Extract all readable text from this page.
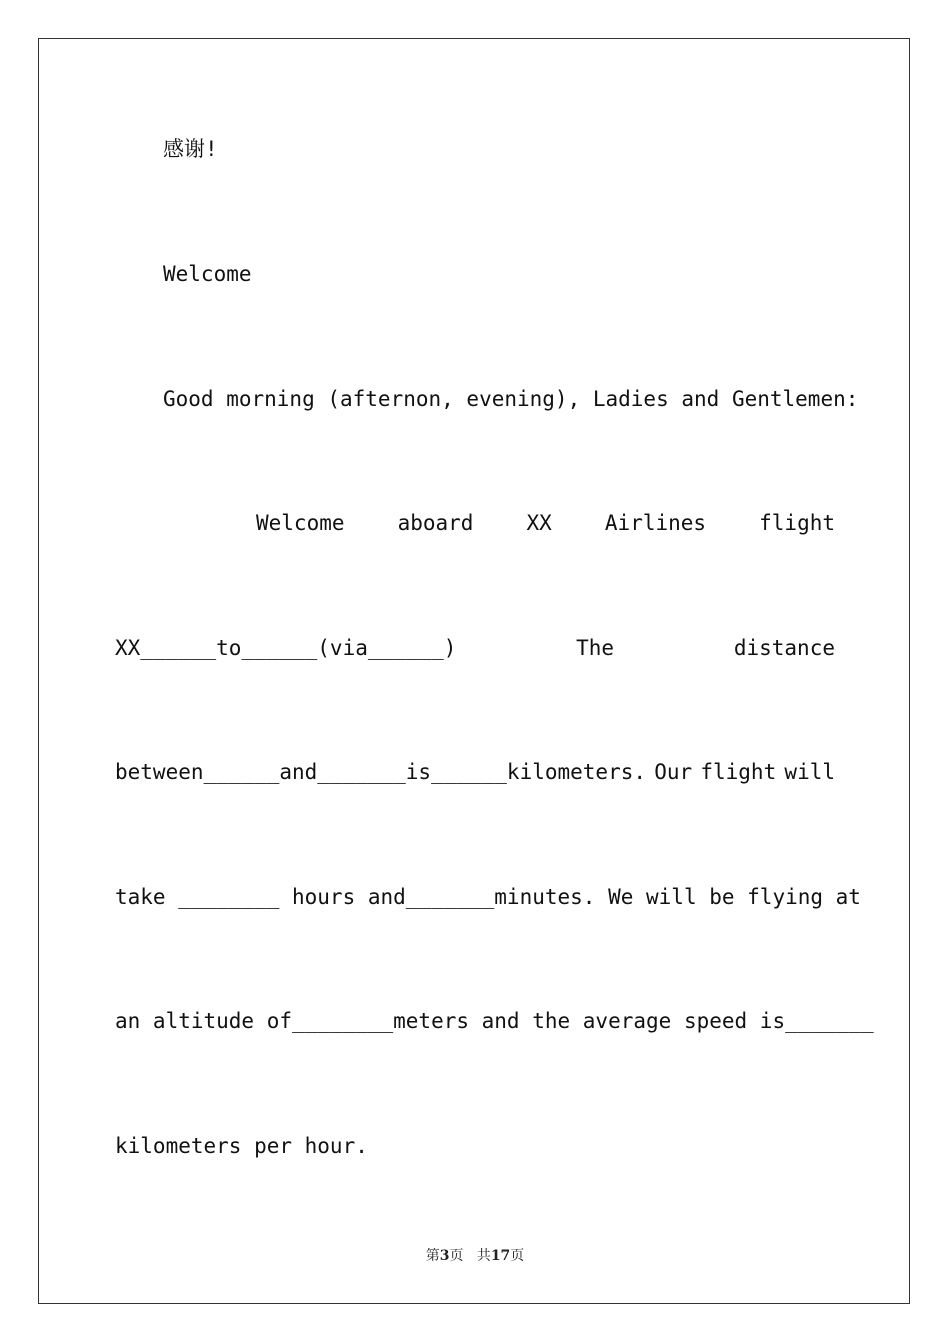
感谢!
Welcome
Good morning (afternon, evening), Ladies and Gentlemen:
Welcome	aboard	XX	Airlines	flight
XX______to______(via______)	The	distance
between______and_______is______kilometers. Our flight will
take ________ hours and_______minutes. We will be flying at
an altitude of________meters and the average speed is_______
kilometers per hour.
第3页 共17页
